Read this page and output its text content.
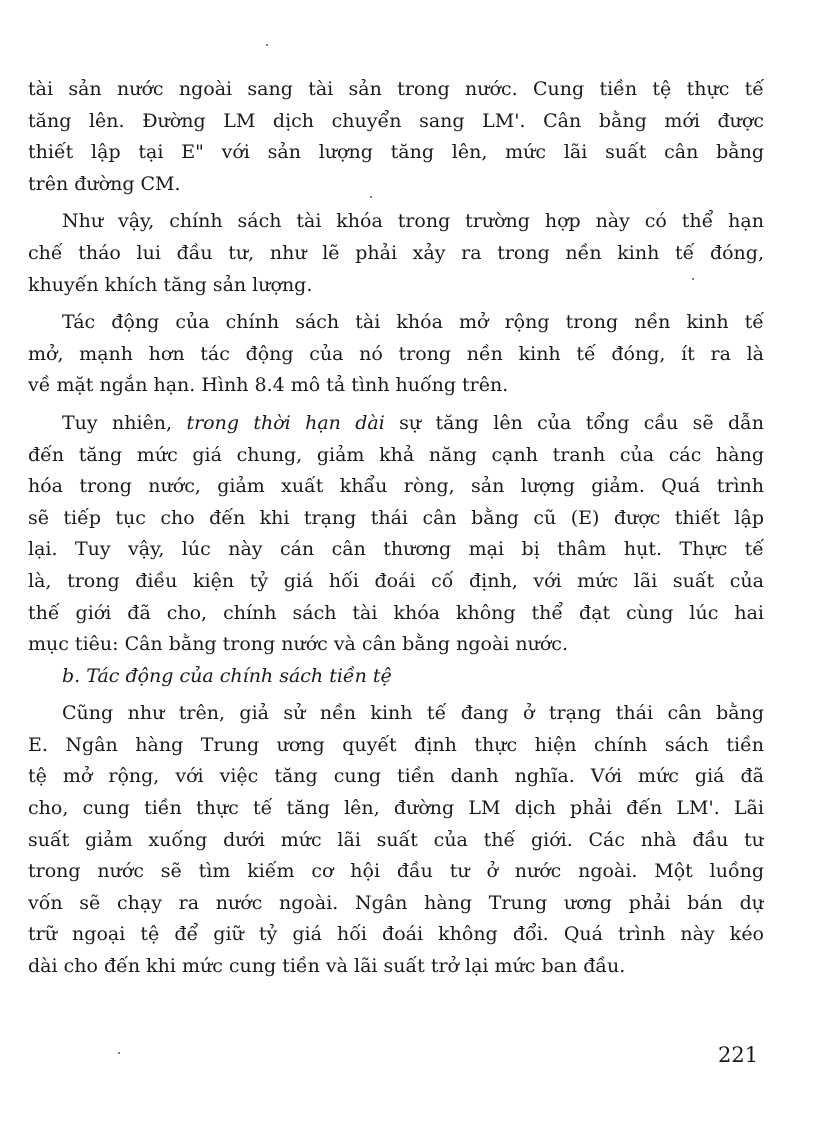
tài sản nước ngoài sang tài sản trong nước. Cung tiền tệ thực tế
tăng lên. Đường LM dịch chuyển sang LM'. Cân bằng mới được
thiết lập tại E" với sản lượng tăng lên, mức lãi suất cân bằng
trên đường CM.
Như vậy, chính sách tài khóa trong trường hợp này có thể hạn
chế tháo lui đầu tư, như lẽ phải xảy ra trong nền kinh tế đóng,
khuyến khích tăng sản lượng.
Tác động của chính sách tài khóa mở rộng trong nền kinh tế
mở, mạnh hơn tác động của nó trong nền kinh tế đóng, ít ra là
về mặt ngắn hạn. Hình 8.4 mô tả tình huống trên.
Tuy nhiên, trong thời hạn dài sự tăng lên của tổng cầu sẽ dẫn
đến tăng mức giá chung, giảm khả năng cạnh tranh của các hàng
hóa trong nước, giảm xuất khẩu ròng, sản lượng giảm. Quá trình
sẽ tiếp tục cho đến khi trạng thái cân bằng cũ (E) được thiết lập
lại. Tuy vậy, lúc này cán cân thương mại bị thâm hụt. Thực tế
là, trong điều kiện tỷ giá hối đoái cố định, với mức lãi suất của
thế giới đã cho, chính sách tài khóa không thể đạt cùng lúc hai
mục tiêu: Cân bằng trong nước và cân bằng ngoài nước.
b. Tác động của chính sách tiền tệ
Cũng như trên, giả sử nền kinh tế đang ở trạng thái cân bằng
E. Ngân hàng Trung ương quyết định thực hiện chính sách tiền
tệ mở rộng, với việc tăng cung tiền danh nghĩa. Với mức giá đã
cho, cung tiền thực tế tăng lên, đường LM dịch phải đến LM'. Lãi
suất giảm xuống dưới mức lãi suất của thế giới. Các nhà đầu tư
trong nước sẽ tìm kiếm cơ hội đầu tư ở nước ngoài. Một luồng
vốn sẽ chạy ra nước ngoài. Ngân hàng Trung ương phải bán dự
trữ ngoại tệ để giữ tỷ giá hối đoái không đổi. Quá trình này kéo
dài cho đến khi mức cung tiền và lãi suất trở lại mức ban đầu.
221
